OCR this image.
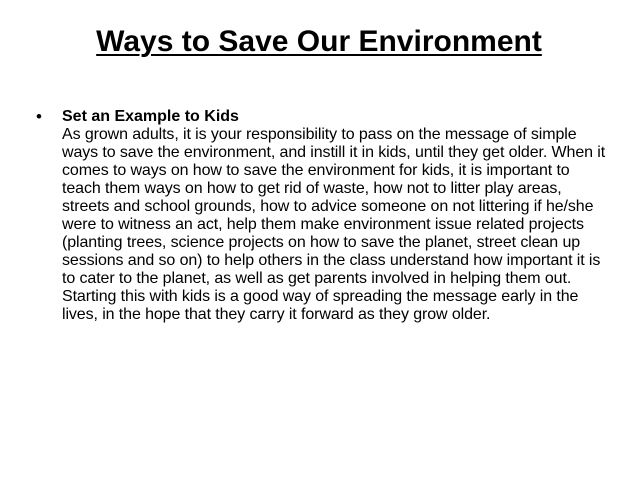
Ways to Save Our Environment
• Set an Example to Kids
As grown adults, it is your responsibility to pass on the message of simple ways to save the environment, and instill it in kids, until they get older. When it comes to ways on how to save the environment for kids, it is important to teach them ways on how to get rid of waste, how not to litter play areas, streets and school grounds, how to advice someone on not littering if he/she were to witness an act, help them make environment issue related projects (planting trees, science projects on how to save the planet, street clean up sessions and so on) to help others in the class understand how important it is to cater to the planet, as well as get parents involved in helping them out. Starting this with kids is a good way of spreading the message early in the lives, in the hope that they carry it forward as they grow older.
